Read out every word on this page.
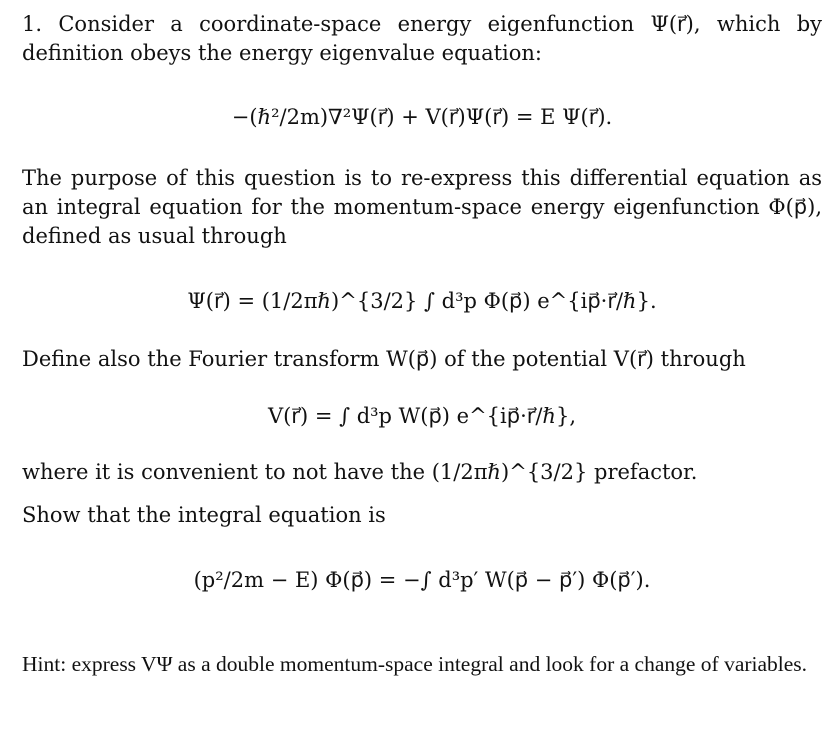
1. Consider a coordinate-space energy eigenfunction Ψ(r⃗), which by definition obeys the energy eigenvalue equation:

−(ℏ²/2m)∇²Ψ(r⃗) + V(r⃗)Ψ(r⃗) = E Ψ(r⃗).

The purpose of this question is to re-express this differential equation as an integral equation for the momentum-space energy eigenfunction Φ(p⃗), defined as usual through

Ψ(r⃗) = (1/2πℏ)^{3/2} ∫ d³p Φ(p⃗) e^{ip⃗·r⃗/ℏ}.

Define also the Fourier transform W(p⃗) of the potential V(r⃗) through

V(r⃗) = ∫ d³p W(p⃗) e^{ip⃗·r⃗/ℏ},

where it is convenient to not have the (1/2πℏ)^{3/2} prefactor.

Show that the integral equation is

(p²/2m − E) Φ(p⃗) = −∫ d³p′ W(p⃗ − p⃗′) Φ(p⃗′).

Hint: express VΨ as a double momentum-space integral and look for a change of variables.
